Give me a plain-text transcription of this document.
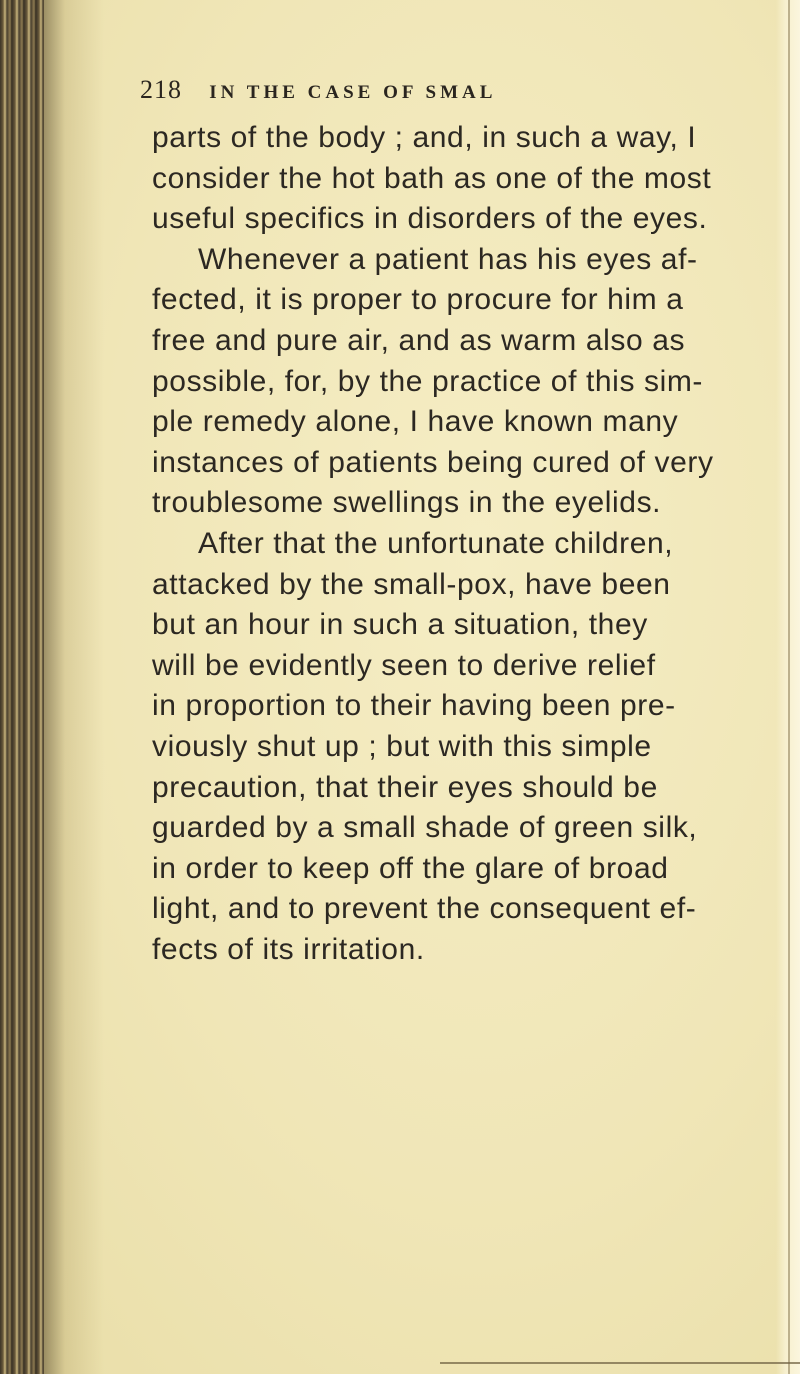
218 IN THE CASE OF SMAL
parts of the body ; and, in such a way, I
consider the hot bath as one of the most
useful specifics in disorders of the eyes.
Whenever a patient has his eyes af-
fected, it is proper to procure for him a
free and pure air, and as warm also as
possible, for, by the practice of this sim-
ple remedy alone, I have known many
instances of patients being cured of very
troublesome swellings in the eyelids.
After that the unfortunate children,
attacked by the small-pox, have been
but an hour in such a situation, they
will be evidently seen to derive relief
in proportion to their having been pre-
viously shut up ; but with this simple
precaution, that their eyes should be
guarded by a small shade of green silk,
in order to keep off the glare of broad
light, and to prevent the consequent ef-
fects of its irritation.
